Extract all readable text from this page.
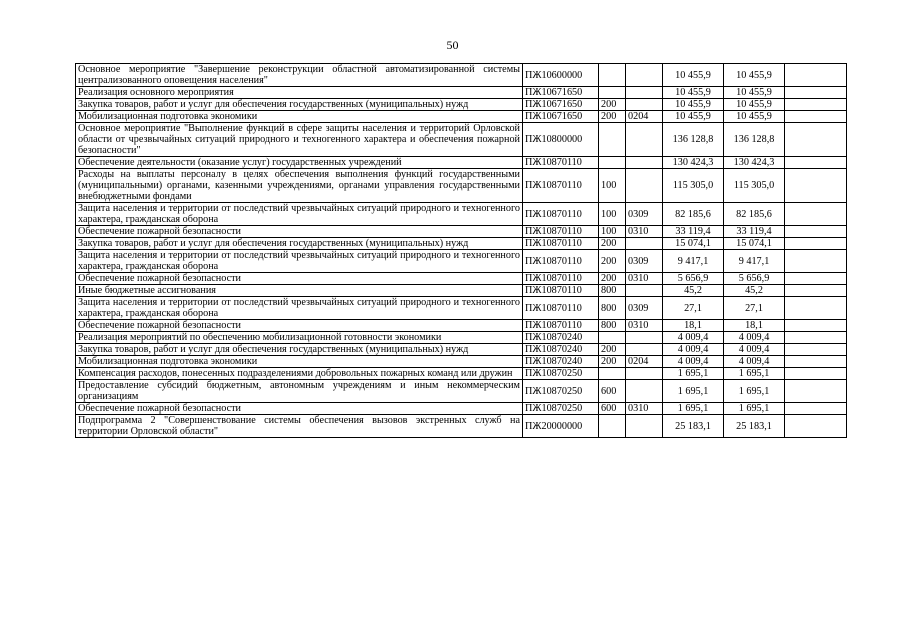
50
Основное мероприятие "Завершение реконструкции областной автоматизированной системы централизованного оповещения населения"	ПЖ10600000			10 455,9	10 455,9	
Реализация основного мероприятия	ПЖ10671650			10 455,9	10 455,9	
Закупка товаров, работ и услуг для обеспечения государственных (муниципальных) нужд	ПЖ10671650	200		10 455,9	10 455,9	
Мобилизационная подготовка экономики	ПЖ10671650	200	0204	10 455,9	10 455,9	
Основное мероприятие "Выполнение функций в сфере защиты населения и территорий Орловской области от чрезвычайных ситуаций природного и техногенного характера и обеспечения пожарной безопасности"	ПЖ10800000			136 128,8	136 128,8	
Обеспечение деятельности (оказание услуг) государственных учреждений	ПЖ10870110			130 424,3	130 424,3	
Расходы на выплаты персоналу в целях обеспечения выполнения функций государственными (муниципальными) органами, казенными учреждениями, органами управления государственными внебюджетными фондами	ПЖ10870110	100		115 305,0	115 305,0	
Защита населения и территории от последствий чрезвычайных ситуаций природного и техногенного характера, гражданская оборона	ПЖ10870110	100	0309	82 185,6	82 185,6	
Обеспечение пожарной безопасности	ПЖ10870110	100	0310	33 119,4	33 119,4	
Закупка товаров, работ и услуг для обеспечения государственных (муниципальных) нужд	ПЖ10870110	200		15 074,1	15 074,1	
Защита населения и территории от последствий чрезвычайных ситуаций природного и техногенного характера, гражданская оборона	ПЖ10870110	200	0309	9 417,1	9 417,1	
Обеспечение пожарной безопасности	ПЖ10870110	200	0310	5 656,9	5 656,9	
Иные бюджетные ассигнования	ПЖ10870110	800		45,2	45,2	
Защита населения и территории от последствий чрезвычайных ситуаций природного и техногенного характера, гражданская оборона	ПЖ10870110	800	0309	27,1	27,1	
Обеспечение пожарной безопасности	ПЖ10870110	800	0310	18,1	18,1	
Реализация мероприятий по обеспечению мобилизационной готовности экономики	ПЖ10870240			4 009,4	4 009,4	
Закупка товаров, работ и услуг для обеспечения государственных (муниципальных) нужд	ПЖ10870240	200		4 009,4	4 009,4	
Мобилизационная подготовка экономики	ПЖ10870240	200	0204	4 009,4	4 009,4	
Компенсация расходов, понесенных подразделениями добровольных пожарных команд или дружин	ПЖ10870250			1 695,1	1 695,1	
Предоставление субсидий бюджетным, автономным учреждениям и иным некоммерческим организациям	ПЖ10870250	600		1 695,1	1 695,1	
Обеспечение пожарной безопасности	ПЖ10870250	600	0310	1 695,1	1 695,1	
Подпрограмма 2 "Совершенствование системы обеспечения вызовов экстренных служб на территории Орловской области"	ПЖ20000000			25 183,1	25 183,1	
